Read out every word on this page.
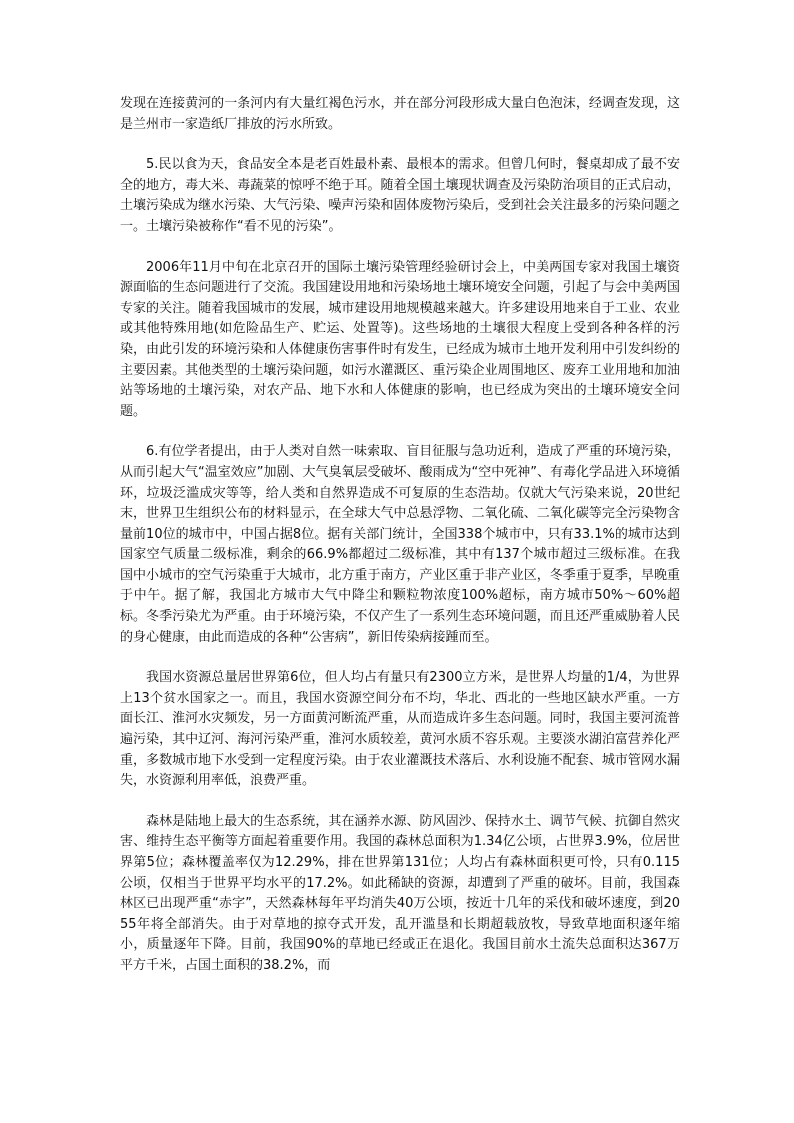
发现在连接黄河的一条河内有大量红褐色污水，并在部分河段形成大量白色泡沫，经调查发现，这是兰州市一家造纸厂排放的污水所致。

5.民以食为天，食品安全本是老百姓最朴素、最根本的需求。但曾几何时，餐桌却成了最不安全的地方，毒大米、毒蔬菜的惊呼不绝于耳。随着全国土壤现状调查及污染防治项目的正式启动，土壤污染成为继水污染、大气污染、噪声污染和固体废物污染后，受到社会关注最多的污染问题之一。土壤污染被称作“看不见的污染”。

2006年11月中旬在北京召开的国际土壤污染管理经验研讨会上，中美两国专家对我国土壤资源面临的生态问题进行了交流。我国建设用地和污染场地土壤环境安全问题，引起了与会中美两国专家的关注。随着我国城市的发展，城市建设用地规模越来越大。许多建设用地来自于工业、农业或其他特殊用地(如危险品生产、贮运、处置等)。这些场地的土壤很大程度上受到各种各样的污染，由此引发的环境污染和人体健康伤害事件时有发生，已经成为城市土地开发利用中引发纠纷的主要因素。其他类型的土壤污染问题，如污水灌溉区、重污染企业周围地区、废弃工业用地和加油站等场地的土壤污染，对农产品、地下水和人体健康的影响，也已经成为突出的土壤环境安全问题。

6.有位学者提出，由于人类对自然一味索取、盲目征服与急功近利，造成了严重的环境污染，从而引起大气“温室效应”加剧、大气臭氧层受破坏、酸雨成为“空中死神”、有毒化学品进入环境循环，垃圾泛滥成灾等等，给人类和自然界造成不可复原的生态浩劫。仅就大气污染来说，20世纪末，世界卫生组织公布的材料显示，在全球大气中总悬浮物、二氧化硫、二氧化碳等完全污染物含量前10位的城市中，中国占据8位。据有关部门统计，全国338个城市中，只有33.1%的城市达到国家空气质量二级标准，剩余的66.9%都超过二级标准，其中有137个城市超过三级标准。在我国中小城市的空气污染重于大城市，北方重于南方，产业区重于非产业区，冬季重于夏季，早晚重于中午。据了解，我国北方城市大气中降尘和颗粒物浓度100%超标，南方城市50%～60%超标。冬季污染尤为严重。由于环境污染，不仅产生了一系列生态环境问题，而且还严重威胁着人民的身心健康，由此而造成的各种“公害病”，新旧传染病接踵而至。

我国水资源总量居世界第6位，但人均占有量只有2300立方米，是世界人均量的1/4，为世界上13个贫水国家之一。而且，我国水资源空间分布不均，华北、西北的一些地区缺水严重。一方面长江、淮河水灾频发，另一方面黄河断流严重，从而造成许多生态问题。同时，我国主要河流普遍污染，其中辽河、海河污染严重，淮河水质较差，黄河水质不容乐观。主要淡水湖泊富营养化严重，多数城市地下水受到一定程度污染。由于农业灌溉技术落后、水利设施不配套、城市管网水漏失，水资源利用率低，浪费严重。

森林是陆地上最大的生态系统，其在涵养水源、防风固沙、保持水土、调节气候、抗御自然灾害、维持生态平衡等方面起着重要作用。我国的森林总面积为1.34亿公顷，占世界3.9%，位居世界第5位；森林覆盖率仅为12.29%，排在世界第131位；人均占有森林面积更可怜，只有0.115公顷，仅相当于世界平均水平的17.2%。如此稀缺的资源，却遭到了严重的破坏。目前，我国森林区已出现严重“赤字”，天然森林每年平均消失40万公顷，按近十几年的采伐和破坏速度，到2055年将全部消失。由于对草地的掠夺式开发，乱开滥垦和长期超载放牧，导致草地面积逐年缩小，质量逐年下降。目前，我国90%的草地已经或正在退化。我国目前水土流失总面积达367万平方千米，占国土面积的38.2%，而
